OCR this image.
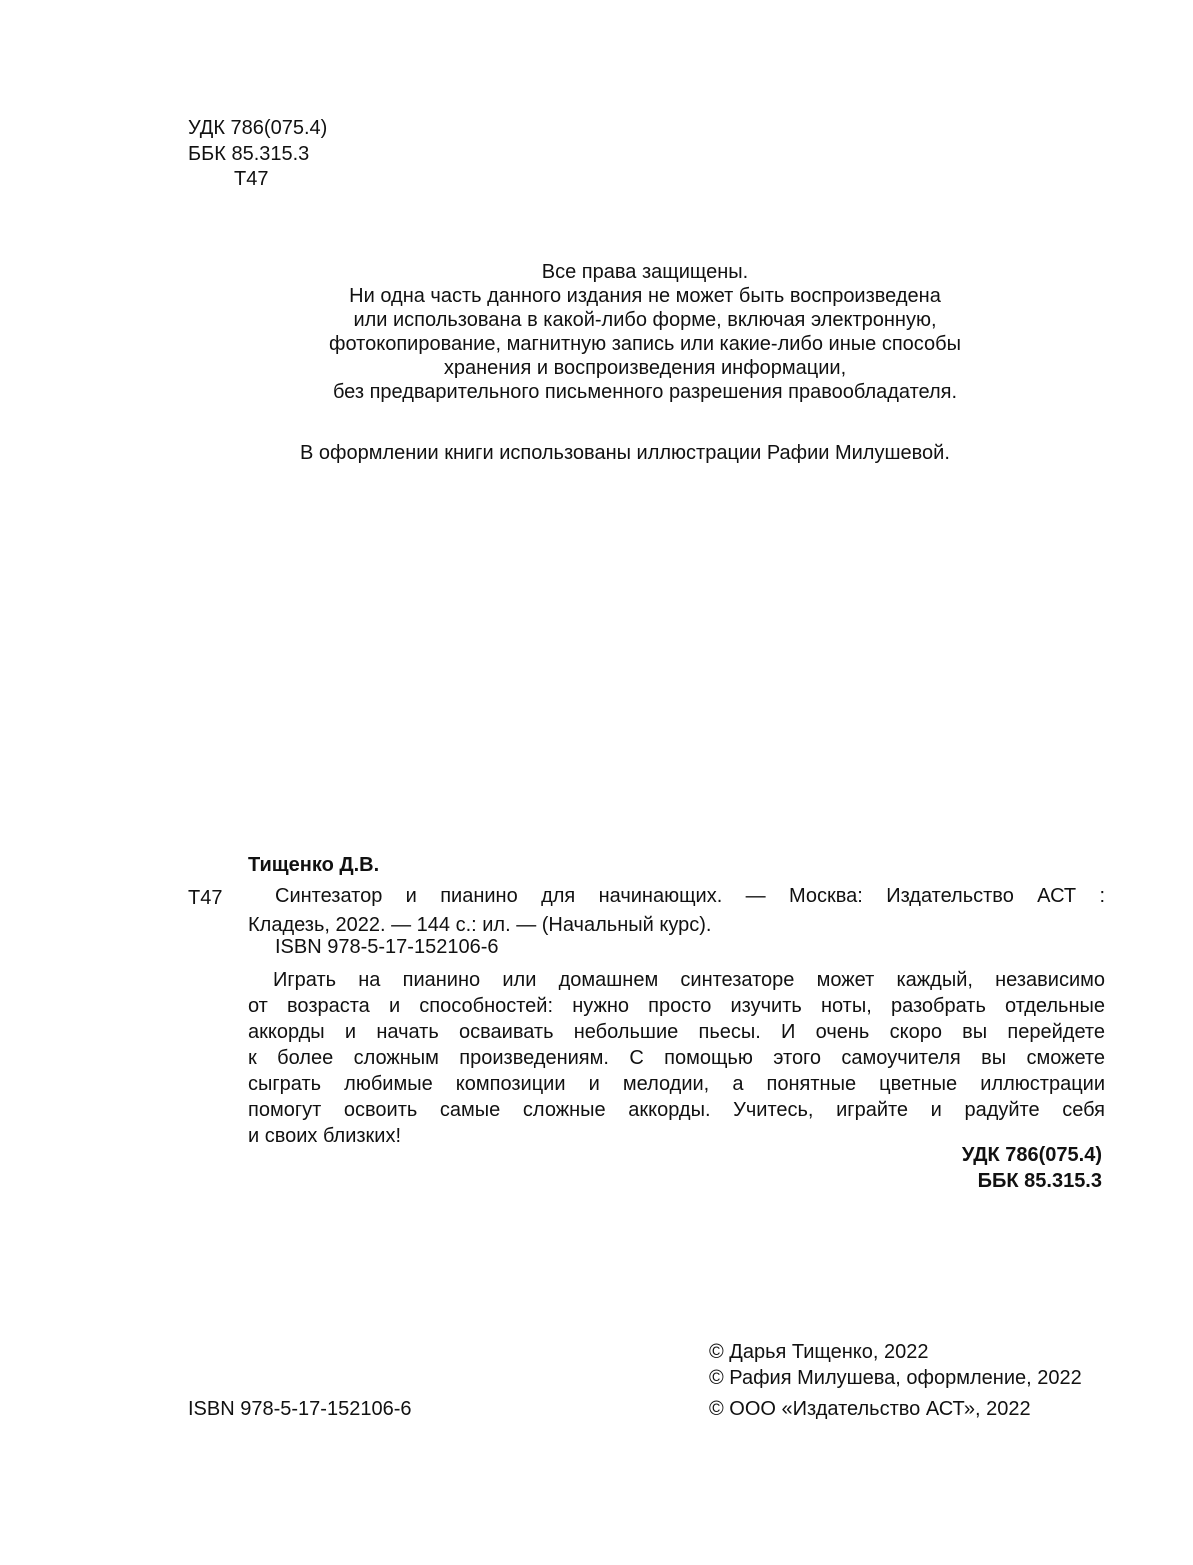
УДК 786(075.4)
ББК 85.315.3
Т47
Все права защищены.
Ни одна часть данного издания не может быть воспроизведена
или использована в какой-либо форме, включая электронную,
фотокопирование, магнитную запись или какие-либо иные способы
хранения и воспроизведения информации,
без предварительного письменного разрешения правообладателя.
В оформлении книги использованы иллюстрации Рафии Милушевой.
Тищенко Д.В.
Т47	Синтезатор и пианино для начинающих. — Москва: Издательство АСТ :
Кладезь, 2022. — 144 с.: ил. — (Начальный курс).
ISBN 978-5-17-152106-6
Играть на пианино или домашнем синтезаторе может каждый, независимо
от возраста и способностей: нужно просто изучить ноты, разобрать отдельные
аккорды и начать осваивать небольшие пьесы. И очень скоро вы перейдете
к более сложным произведениям. С помощью этого самоучителя вы сможете
сыграть любимые композиции и мелодии, а понятные цветные иллюстрации
помогут освоить самые сложные аккорды. Учитесь, играйте и радуйте себя
и своих близких!
УДК 786(075.4)
ББК 85.315.3
© Дарья Тищенко, 2022
© Рафия Милушева, оформление, 2022
© ООО «Издательство АСТ», 2022
ISBN 978-5-17-152106-6
